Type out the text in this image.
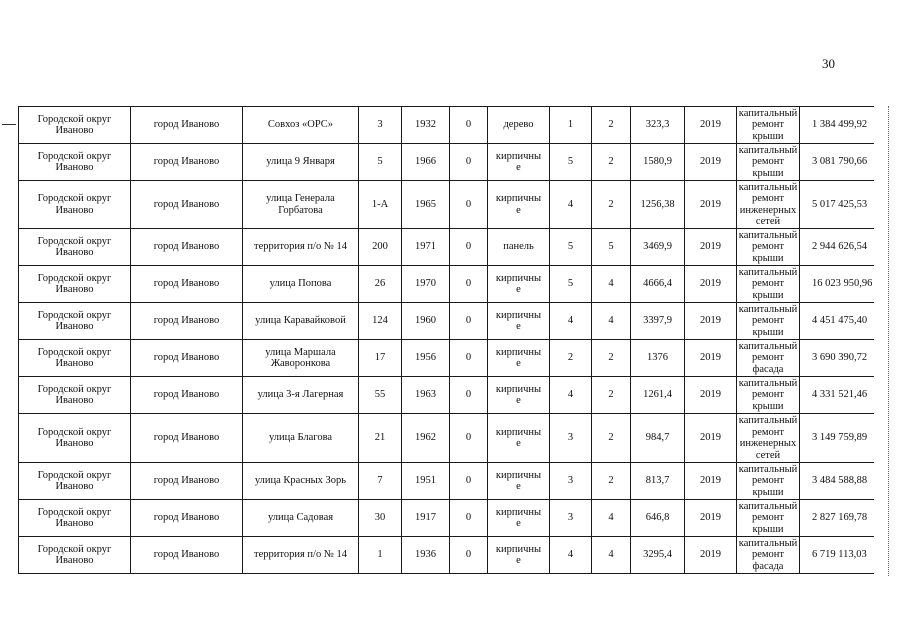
30
Городской округ Иваново	город Иваново	Совхоз «ОРС»	3	1932	0	дерево	1	2	323,3	2019	капитальный
ремонт
крыши	1 384 499,92
Городской округ Иваново	город Иваново	улица 9 Января	5	1966	0	кирпичны
е	5	2	1580,9	2019	капитальный
ремонт
крыши	3 081 790,66
Городской округ Иваново	город Иваново	улица Генерала Горбатова	1-А	1965	0	кирпичны
е	4	2	1256,38	2019	капитальный
ремонт
инженерных
сетей	5 017 425,53
Городской округ Иваново	город Иваново	территория п/о № 14	200	1971	0	панель	5	5	3469,9	2019	капитальный
ремонт
крыши	2 944 626,54
Городской округ Иваново	город Иваново	улица Попова	26	1970	0	кирпичны
е	5	4	4666,4	2019	капитальный
ремонт
крыши	16 023 950,96
Городской округ Иваново	город Иваново	улица Каравайковой	124	1960	0	кирпичны
е	4	4	3397,9	2019	капитальный
ремонт
крыши	4 451 475,40
Городской округ Иваново	город Иваново	улица Маршала Жаворонкова	17	1956	0	кирпичны
е	2	2	1376	2019	капитальный
ремонт
фасада	3 690 390,72
Городской округ Иваново	город Иваново	улица 3-я Лагерная	55	1963	0	кирпичны
е	4	2	1261,4	2019	капитальный
ремонт
крыши	4 331 521,46
Городской округ Иваново	город Иваново	улица Благова	21	1962	0	кирпичны
е	3	2	984,7	2019	капитальный
ремонт
инженерных
сетей	3 149 759,89
Городской округ Иваново	город Иваново	улица Красных Зорь	7	1951	0	кирпичны
е	3	2	813,7	2019	капитальный
ремонт
крыши	3 484 588,88
Городской округ Иваново	город Иваново	улица Садовая	30	1917	0	кирпичны
е	3	4	646,8	2019	капитальный
ремонт
крыши	2 827 169,78
Городской округ Иваново	город Иваново	территория п/о № 14	1	1936	0	кирпичны
е	4	4	3295,4	2019	капитальный
ремонт
фасада	6 719 113,03
